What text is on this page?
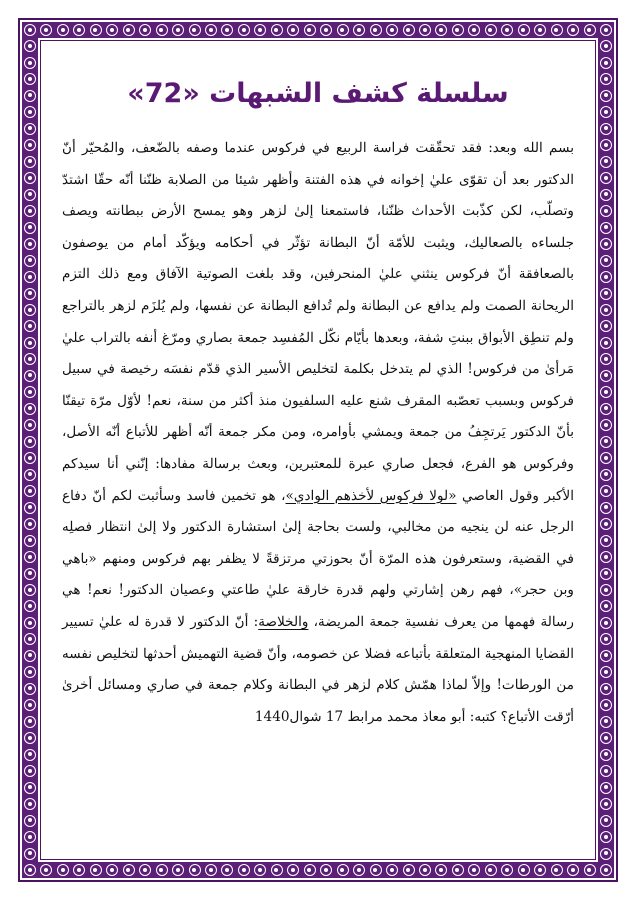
سلسلة كشف الشبهات «72»
بسم الله وبعد: فقد تحقّقت فراسة الربيع في فركوس عندما وصفه بالضّعف، والمُحيّر أنّ الدكتور بعد أن تقوّى عليٰ إخوانه في هذه الفتنة وأظهر شيئا من الصلابة ظنّنا أنّه حقّا اشتدّ وتصلّب، لكن كذّبت الأحداث ظنّنا، فاستمعنا إلىٰ لزهر وهو يمسح الأرض ببطانته ويصف جلساءه بالصعاليك، ويثبت للأمّة أنّ البطانة تؤثّر في أحكامه ويؤكّد أمام من يوصفون بالصعافقة أنّ فركوس ينثني عليٰ المنحرفين، وقد بلغت الصوتية الآفاق ومع ذلك التزم الريحانة الصمت ولم يدافع عن البطانة ولم تُدافع البطانة عن نفسها، ولم يُلزَم لزهر بالتراجع ولم تنطِق الأبواق ببنتِ شفة، وبعدها بأيّام نكّل المُفسِد جمعة بصاري ومرّغ أنفه بالتراب عليٰ مَرأىٰ من فركوس! الذي لم يتدخل بكلمة لتخليص الأسير الذي قدّم نفسَه رخيصة في سبيل فركوس وبسبب تعصّبه المقرف شنع عليه السلفيون منذ أكثر من سنة، نعم! لأوّل مرّة تيقنّا بأنّ الدكتور يَرتجِفُ من جمعة ويمشي بأوامره، ومن مكر جمعة أنّه أظهر للأتباع أنّه الأصل، وفركوس هو الفرع، فجعل صاري عبرة للمعتبرين، وبعث برسالة مفادها: إنّني أنا سيدكم الأكبر وقول العاصي «لولا فركوس لأخذهم الوادي»، هو تخمين فاسد وسأثبت لكم أنّ دفاع الرجل عنه لن ينجيه من مخالبي، ولست بحاجة إلىٰ استشارة الدكتور ولا إلىٰ انتظار فصلِه في القضية، وستعرفون هذه المرّة أنّ بحوزتي مرتزقةً لا يظفر بهم فركوس ومنهم «باهي وبن حجر»، فهم رهن إشارتي ولهم قدرة خارقة عليٰ طاعتي وعصيان الدكتور! نعم! هي رسالة فهمها من يعرف نفسية جمعة المريضة، والخلاصة: أنّ الدكتور لا قدرة له عليٰ تسيير القضايا المنهجية المتعلقة بأتباعه فضلا عن خصومه، وأنّ قضية التهميش أحدثها لتخليص نفسه من الورطات! وإلاّ لماذا همّش كلام لزهر في البطانة وكلام جمعة في صاري ومسائل أخرىٰ أرّقت الأتباع؟ كتبه: أبو معاذ محمد مرابط 17 شوال1440
